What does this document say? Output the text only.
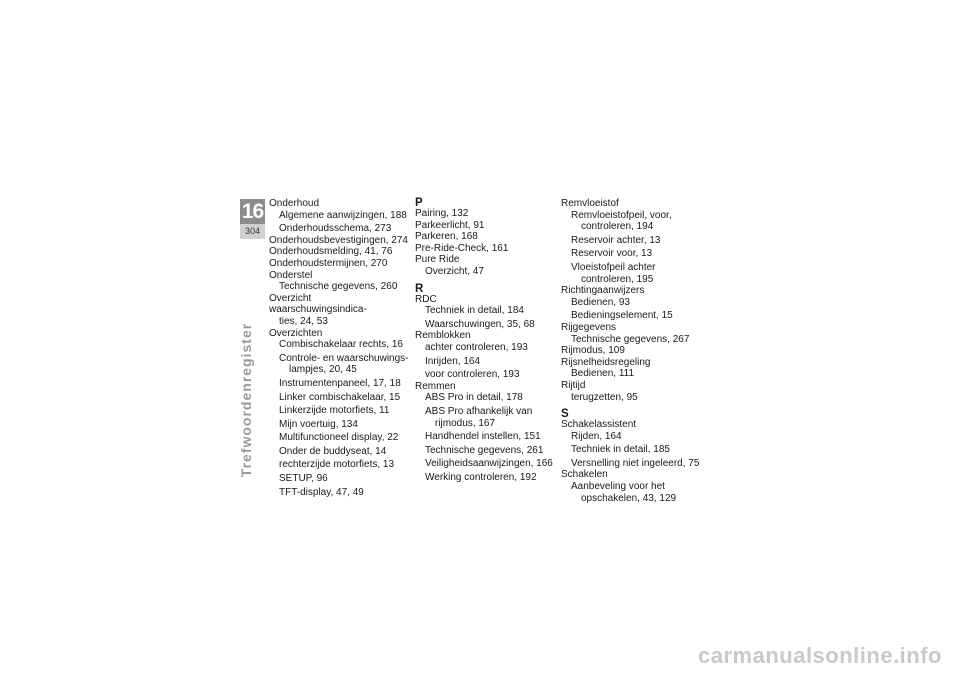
16
304
Trefwoordenregister
Onderhoud
Algemene aanwijzingen, 188
Onderhoudsschema, 273
Onderhoudsbevestigingen, 274
Onderhoudsmelding, 41, 76
Onderhoudstermijnen, 270
Onderstel
Technische gegevens, 260
Overzicht waarschuwingsindica-
ties, 24, 53
Overzichten
Combischakelaar rechts, 16
Controle- en waarschuwings-lampjes, 20, 45
Instrumentenpaneel, 17, 18
Linker combischakelaar, 15
Linkerzijde motorfiets, 11
Mijn voertuig, 134
Multifunctioneel display, 22
Onder de buddyseat, 14
rechterzijde motorfiets, 13
SETUP, 96
TFT-display, 47, 49
P
Pairing, 132
Parkeerlicht, 91
Parkeren, 168
Pre-Ride-Check, 161
Pure Ride
Overzicht, 47
R
RDC
Techniek in detail, 184
Waarschuwingen, 35, 68
Remblokken
achter controleren, 193
Inrijden, 164
voor controleren, 193
Remmen
ABS Pro in detail, 178
ABS Pro afhankelijk van rijmodus, 167
Handhendel instellen, 151
Technische gegevens, 261
Veiligheidsaanwijzingen, 166
Werking controleren, 192
Remvloeistof
Remvloeistofpeil, voor, controleren, 194
Reservoir achter, 13
Reservoir voor, 13
Vloeistofpeil achter controleren, 195
Richtingaanwijzers
Bedienen, 93
Bedieningselement, 15
Rijgegevens
Technische gegevens, 267
Rijmodus, 109
Rijsnelheidsregeling
Bedienen, 111
Rijtijd
terugzetten, 95
S
Schakelassistent
Rijden, 164
Techniek in detail, 185
Versnelling niet ingeleerd, 75
Schakelen
Aanbeveling voor het opschakelen, 43, 129
carmanualsonline.info
